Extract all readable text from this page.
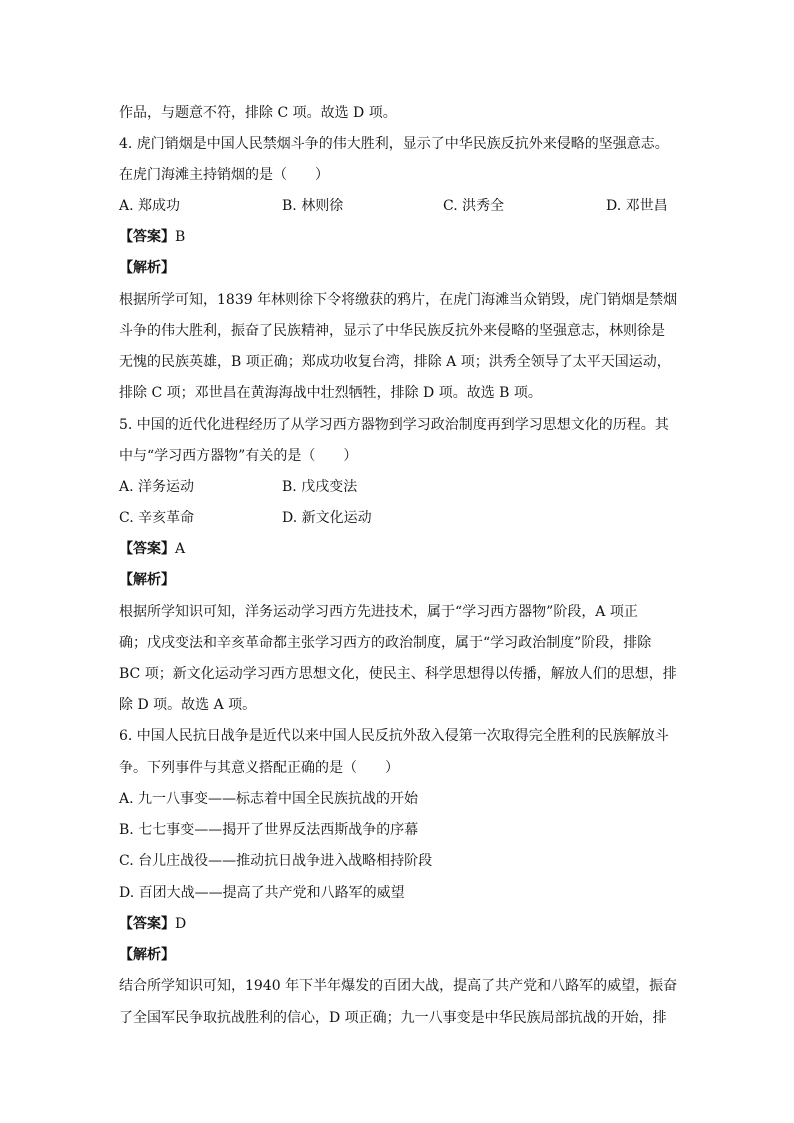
作品，与题意不符，排除 C 项。故选 D 项。
4. 虎门销烟是中国人民禁烟斗争的伟大胜利，显示了中华民族反抗外来侵略的坚强意志。
在虎门海滩主持销烟的是（　　）
A. 郑成功	B. 林则徐	C. 洪秀全	D. 邓世昌
【答案】B
【解析】
根据所学可知，1839 年林则徐下令将缴获的鸦片，在虎门海滩当众销毁，虎门销烟是禁烟
斗争的伟大胜利，振奋了民族精神，显示了中华民族反抗外来侵略的坚强意志，林则徐是
无愧的民族英雄，B 项正确；郑成功收复台湾，排除 A 项；洪秀全领导了太平天国运动，
排除 C 项；邓世昌在黄海海战中壮烈牺牲，排除 D 项。故选 B 项。
5. 中国的近代化进程经历了从学习西方器物到学习政治制度再到学习思想文化的历程。其
中与“学习西方器物”有关的是（　　）
A. 洋务运动	B. 戊戌变法
C. 辛亥革命	D. 新文化运动
【答案】A
【解析】
根据所学知识可知，洋务运动学习西方先进技术，属于“学习西方器物”阶段，A 项正
确；戊戌变法和辛亥革命都主张学习西方的政治制度，属于“学习政治制度”阶段，排除
BC 项；新文化运动学习西方思想文化，使民主、科学思想得以传播，解放人们的思想，排
除 D 项。故选 A 项。
6. 中国人民抗日战争是近代以来中国人民反抗外敌入侵第一次取得完全胜利的民族解放斗
争。下列事件与其意义搭配正确的是（　　）
A. 九一八事变——标志着中国全民族抗战的开始
B. 七七事变——揭开了世界反法西斯战争的序幕
C. 台儿庄战役——推动抗日战争进入战略相持阶段
D. 百团大战——提高了共产党和八路军的威望
【答案】D
【解析】
结合所学知识可知，1940 年下半年爆发的百团大战，提高了共产党和八路军的威望，振奋
了全国军民争取抗战胜利的信心，D 项正确；九一八事变是中华民族局部抗战的开始，排
